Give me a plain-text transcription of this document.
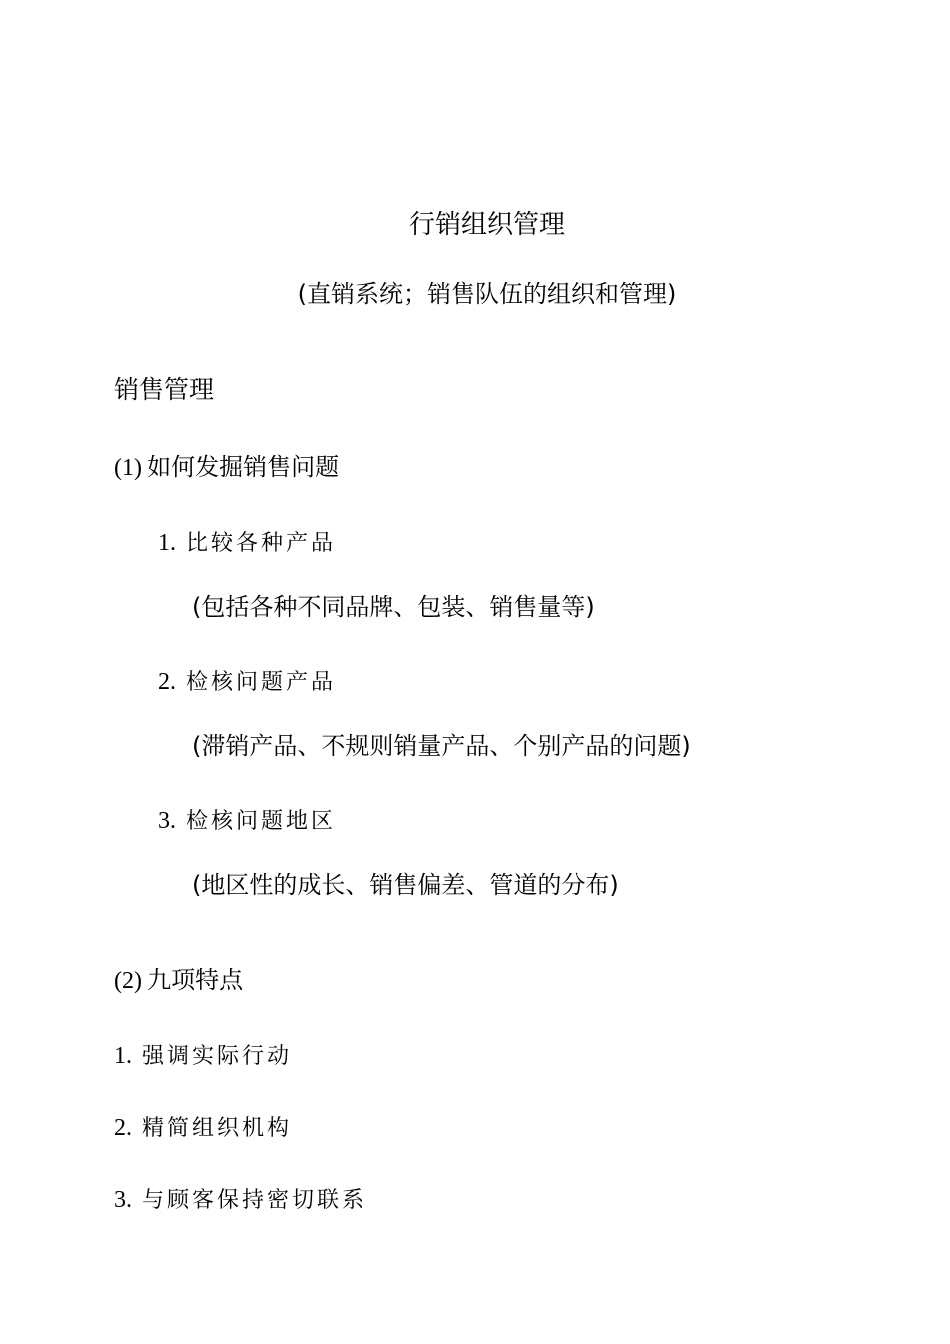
行销组织管理
(直销系统；销售队伍的组织和管理)
销售管理
(1) 如何发掘销售问题
1. 比较各种产品
(包括各种不同品牌、包装、销售量等)
2. 检核问题产品
(滞销产品、不规则销量产品、个别产品的问题)
3. 检核问题地区
(地区性的成长、销售偏差、管道的分布)
(2) 九项特点
1. 强调实际行动
2. 精简组织机构
3. 与顾客保持密切联系
